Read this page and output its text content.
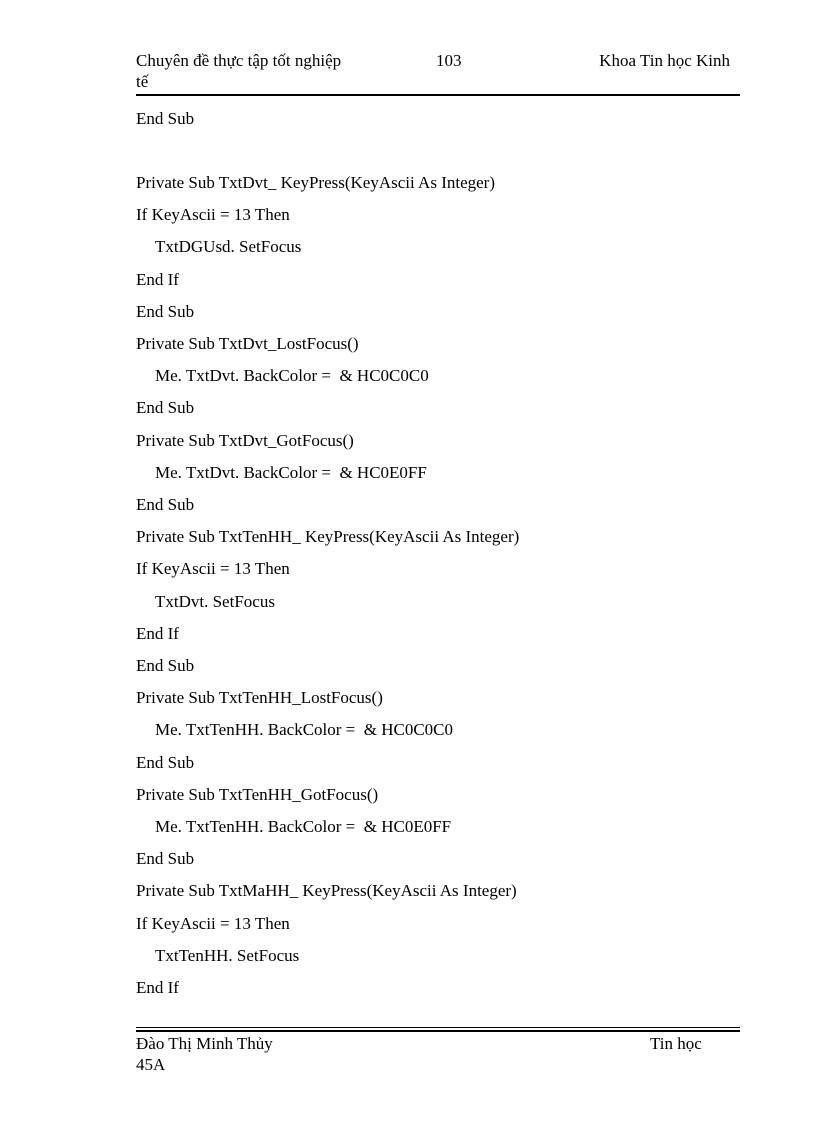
Chuyên đề thực tập tốt nghiệp
tế
103	Khoa Tin học Kinh
End Sub
Private Sub TxtDvt_ KeyPress(KeyAscii As Integer)
If KeyAscii = 13 Then
TxtDGUsd. SetFocus
End If
End Sub
Private Sub TxtDvt_LostFocus()
Me. TxtDvt. BackColor =  & HC0C0C0
End Sub
Private Sub TxtDvt_GotFocus()
Me. TxtDvt. BackColor =  & HC0E0FF
End Sub
Private Sub TxtTenHH_ KeyPress(KeyAscii As Integer)
If KeyAscii = 13 Then
TxtDvt. SetFocus
End If
End Sub
Private Sub TxtTenHH_LostFocus()
Me. TxtTenHH. BackColor =  & HC0C0C0
End Sub
Private Sub TxtTenHH_GotFocus()
Me. TxtTenHH. BackColor =  & HC0E0FF
End Sub
Private Sub TxtMaHH_ KeyPress(KeyAscii As Integer)
If KeyAscii = 13 Then
TxtTenHH. SetFocus
End If
Đào Thị Minh Thủy
45A
Tin học
